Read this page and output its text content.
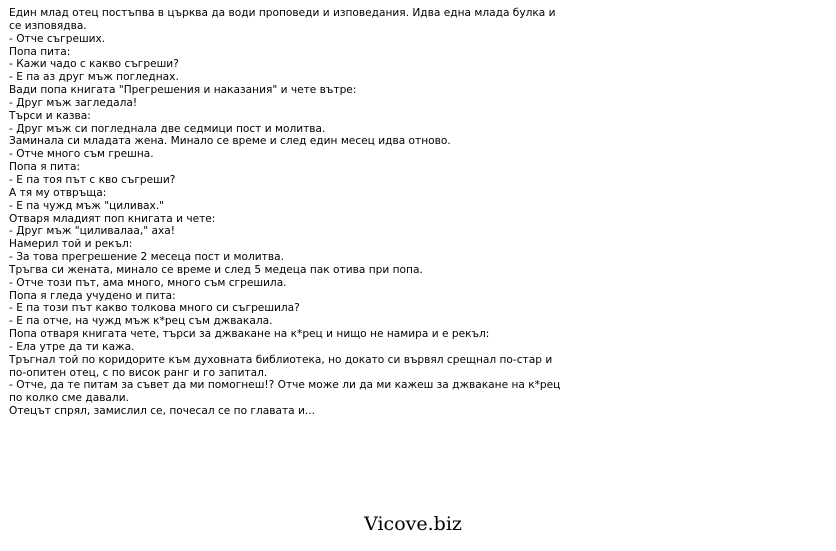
Един млад отец постъпва в църква да води проповеди и изповедания. Идва една млада булка и
се изповядва.
- Отче съгреших.
Попа пита:
- Кажи чадо с какво съгреши?
- Е па аз друг мъж погледнах.
Вади попа книгата "Прегрешения и наказания" и чете вътре:
- Друг мъж загледала!
Търси и казва:
- Друг мъж си погледнала две седмици пост и молитва.
Заминала си младата жена. Минало се време и след един месец идва отново.
- Отче много съм грешна.
Попа я пита:
- Е па тоя път с кво съгреши?
А тя му отвръща:
- Е па чужд мъж "циливах."
Отваря младият поп книгата и чете:
- Друг мъж "циливалаа," аха!
Намерил той и рекъл:
- За това прегрешение 2 месеца пост и молитва.
Тръгва си жената, минало се време и след 5 медеца пак отива при попа.
- Отче този път, ама много, много съм сгрешила.
Попа я гледа учудено и пита:
- Е па този път какво толкова много си съгрешила?
- Е па отче, на чужд мъж к*рец съм джвакала.
Попа отваря книгата чете, търси за джвакане на к*рец и нищо не намира и е рекъл:
- Ела утре да ти кажа.
Тръгнал той по коридорите към духовната библиотека, но докато си вървял срещнал по-стар и
по-опитен отец, с по висок ранг и го запитал.
- Отче, да те питам за съвет да ми помогнеш!? Отче може ли да ми кажеш за джвакане на к*рец
по колко сме давали.
Отецът спрял, замислил се, почесал се по главата и...
Vicove.biz
